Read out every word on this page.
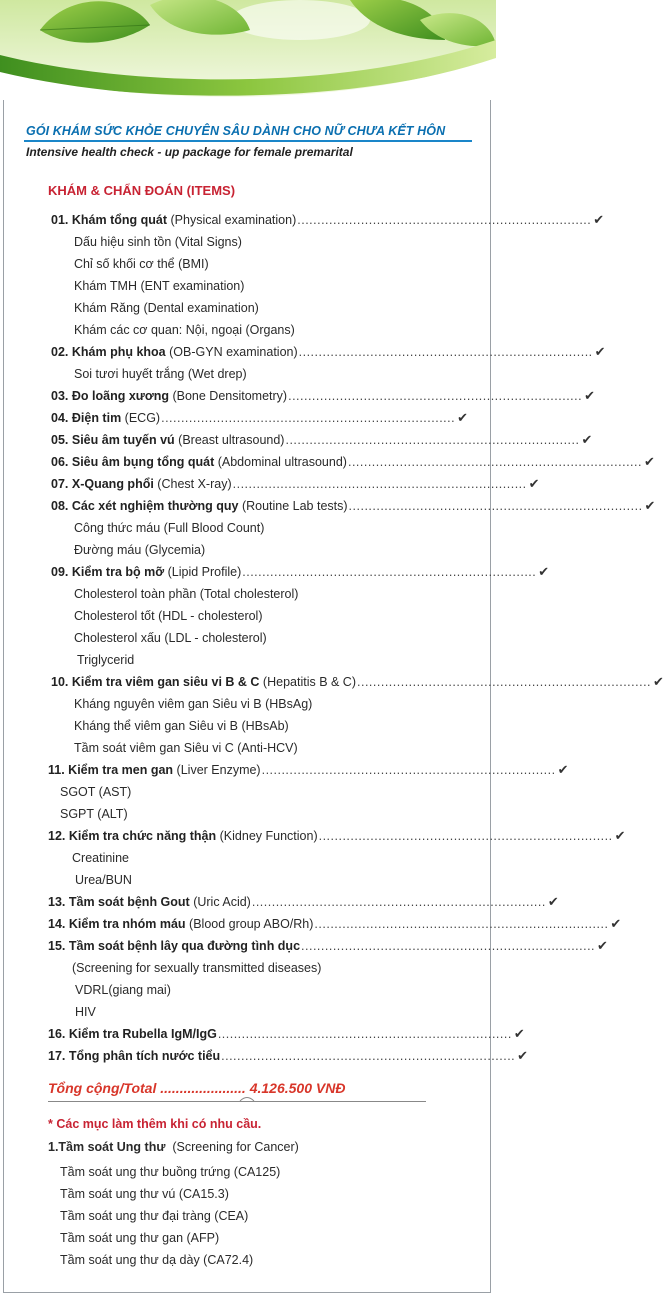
GÓI KHÁM SỨC KHỎE CHUYÊN SÂU DÀNH CHO NỮ CHƯA KẾT HÔN
Intensive health check - up package for female premarital
KHÁM & CHẨN ĐOÁN (ITEMS)
01. Khám tổng quát (Physical examination) .......................................................................... ✔
Dấu hiệu sinh tồn (Vital Signs)
Chỉ số khối cơ thể (BMI)
Khám TMH (ENT examination)
Khám Răng (Dental examination)
Khám các cơ quan: Nội, ngoại (Organs)
02. Khám phụ khoa (OB-GYN examination) .......................................................................... ✔
Soi tươi huyết trắng (Wet drep)
03. Đo loãng xương (Bone Densitometry) .......................................................................... ✔
04. Điện tim (ECG) .......................................................................... ✔
05. Siêu âm tuyến vú (Breast ultrasound) .......................................................................... ✔
06. Siêu âm bụng tổng quát (Abdominal ultrasound) .......................................................................... ✔
07. X-Quang phổi (Chest X-ray) .......................................................................... ✔
08. Các xét nghiệm thường quy (Routine Lab tests) .......................................................................... ✔
Công thức máu (Full Blood Count)
Đường máu (Glycemia)
09. Kiểm tra bộ mỡ (Lipid Profile) .......................................................................... ✔
Cholesterol toàn phần (Total cholesterol)
Cholesterol tốt (HDL - cholesterol)
Cholesterol xấu (LDL - cholesterol)
Triglycerid
10. Kiểm tra viêm gan siêu vi B & C (Hepatitis B & C) .......................................................................... ✔
Kháng nguyên viêm gan Siêu vi B (HBsAg)
Kháng thể viêm gan Siêu vi B (HBsAb)
Tầm soát viêm gan Siêu vi C (Anti-HCV)
11. Kiểm tra men gan (Liver Enzyme) .......................................................................... ✔
SGOT (AST)
SGPT (ALT)
12. Kiểm tra chức năng thận (Kidney Function) .......................................................................... ✔
Creatinine
Urea/BUN
13. Tầm soát bệnh Gout (Uric Acid) .......................................................................... ✔
14. Kiểm tra nhóm máu (Blood group ABO/Rh) .......................................................................... ✔
15. Tầm soát bệnh lây qua đường tình dục .......................................................................... ✔
(Screening for sexually transmitted diseases)
VDRL(giang mai)
HIV
16. Kiểm tra Rubella IgM/IgG .......................................................................... ✔
17. Tổng phân tích nước tiểu .......................................................................... ✔
Tổng cộng/Total ...................... 4.126.500 VNĐ
* Các mục làm thêm khi có nhu cầu.
1.Tầm soát Ung thư (Screening for Cancer)
Tầm soát ung thư buồng trứng (CA125)
Tầm soát ung thư vú (CA15.3)
Tầm soát ung thư đại tràng (CEA)
Tầm soát ung thư gan (AFP)
Tầm soát ung thư dạ dày (CA72.4)
